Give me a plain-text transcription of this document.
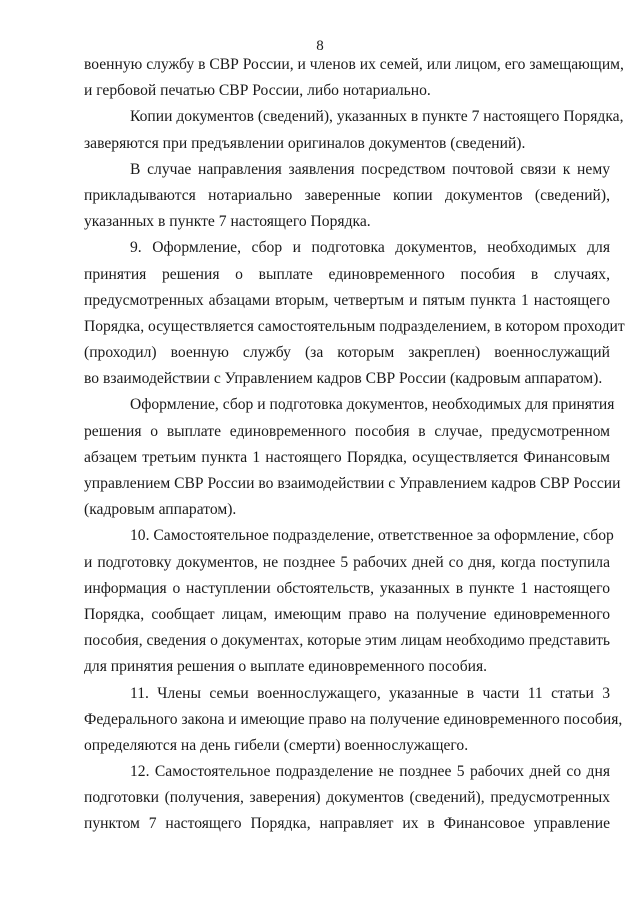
8
военную службу в СВР России, и членов их семей, или лицом, его замещающим,
и гербовой печатью СВР России, либо нотариально.
Копии документов (сведений), указанных в пункте 7 настоящего Порядка,
заверяются при предъявлении оригиналов документов (сведений).
В случае направления заявления посредством почтовой связи к нему
прикладываются нотариально заверенные копии документов (сведений),
указанных в пункте 7 настоящего Порядка.
9. Оформление, сбор и подготовка документов, необходимых для
принятия решения о выплате единовременного пособия в случаях,
предусмотренных абзацами вторым, четвертым и пятым пункта 1 настоящего
Порядка, осуществляется самостоятельным подразделением, в котором проходит
(проходил) военную службу (за которым закреплен) военнослужащий
во взаимодействии с Управлением кадров СВР России (кадровым аппаратом).
Оформление, сбор и подготовка документов, необходимых для принятия
решения о выплате единовременного пособия в случае, предусмотренном
абзацем третьим пункта 1 настоящего Порядка, осуществляется Финансовым
управлением СВР России во взаимодействии с Управлением кадров СВР России
(кадровым аппаратом).
10. Самостоятельное подразделение, ответственное за оформление, сбор
и подготовку документов, не позднее 5 рабочих дней со дня, когда поступила
информация о наступлении обстоятельств, указанных в пункте 1 настоящего
Порядка, сообщает лицам, имеющим право на получение единовременного
пособия, сведения о документах, которые этим лицам необходимо представить
для принятия решения о выплате единовременного пособия.
11. Члены семьи военнослужащего, указанные в части 11 статьи 3
Федерального закона и имеющие право на получение единовременного пособия,
определяются на день гибели (смерти) военнослужащего.
12. Самостоятельное подразделение не позднее 5 рабочих дней со дня
подготовки (получения, заверения) документов (сведений), предусмотренных
пунктом 7 настоящего Порядка, направляет их в Финансовое управление
